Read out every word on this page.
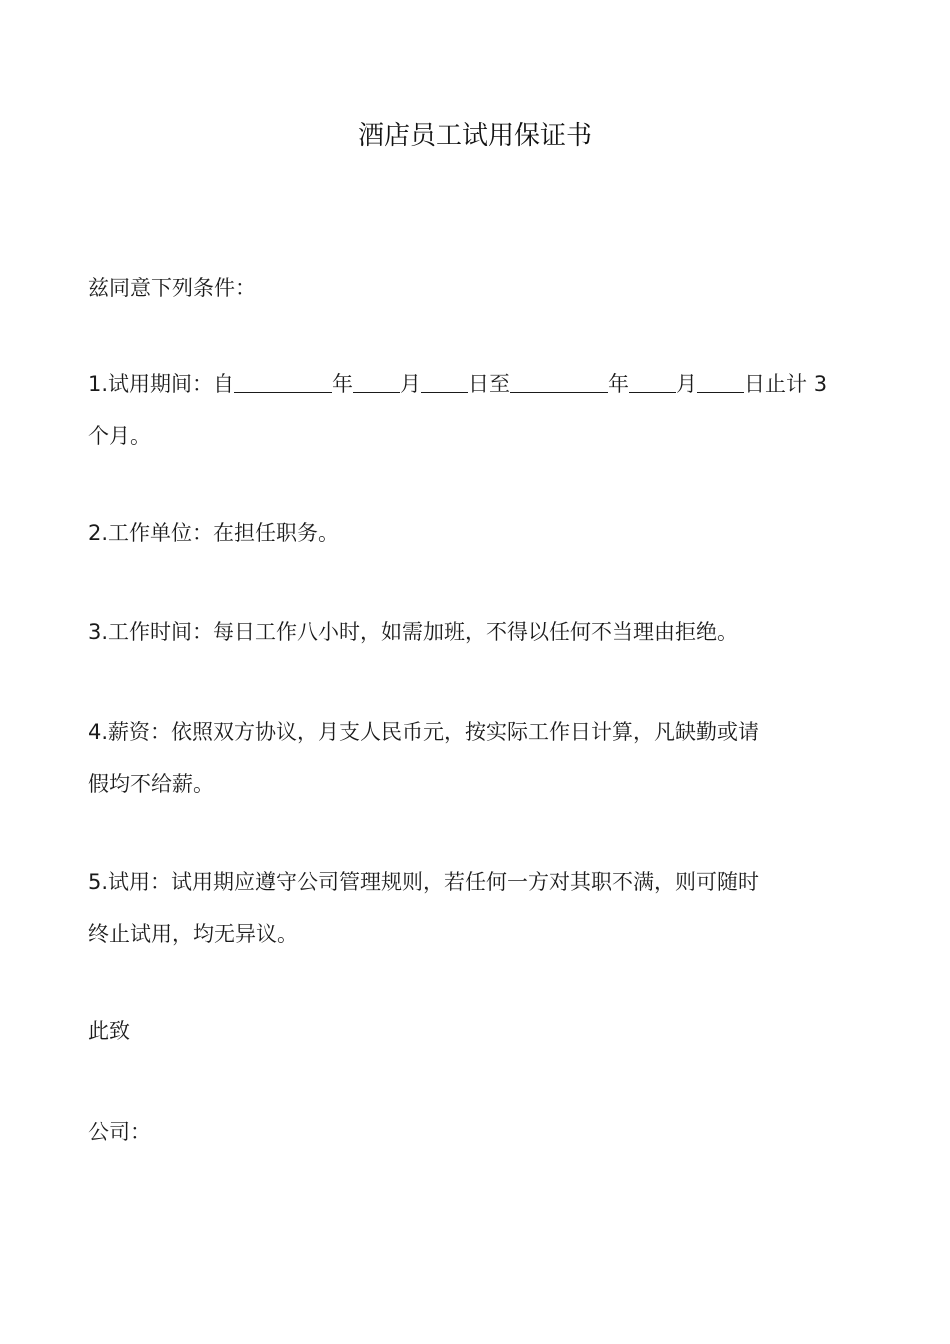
酒店员工试用保证书
兹同意下列条件：
1.试用期间：自	年 月 日至	年 月 日止计 3
个月。
2.工作单位：在担任职务。
3.工作时间：每日工作八小时，如需加班，不得以任何不当理由拒绝。
4.薪资：依照双方协议，月支人民币元，按实际工作日计算，凡缺勤或请
假均不给薪。
5.试用：试用期应遵守公司管理规则，若任何一方对其职不满，则可随时
终止试用，均无异议。
此致
公司：
